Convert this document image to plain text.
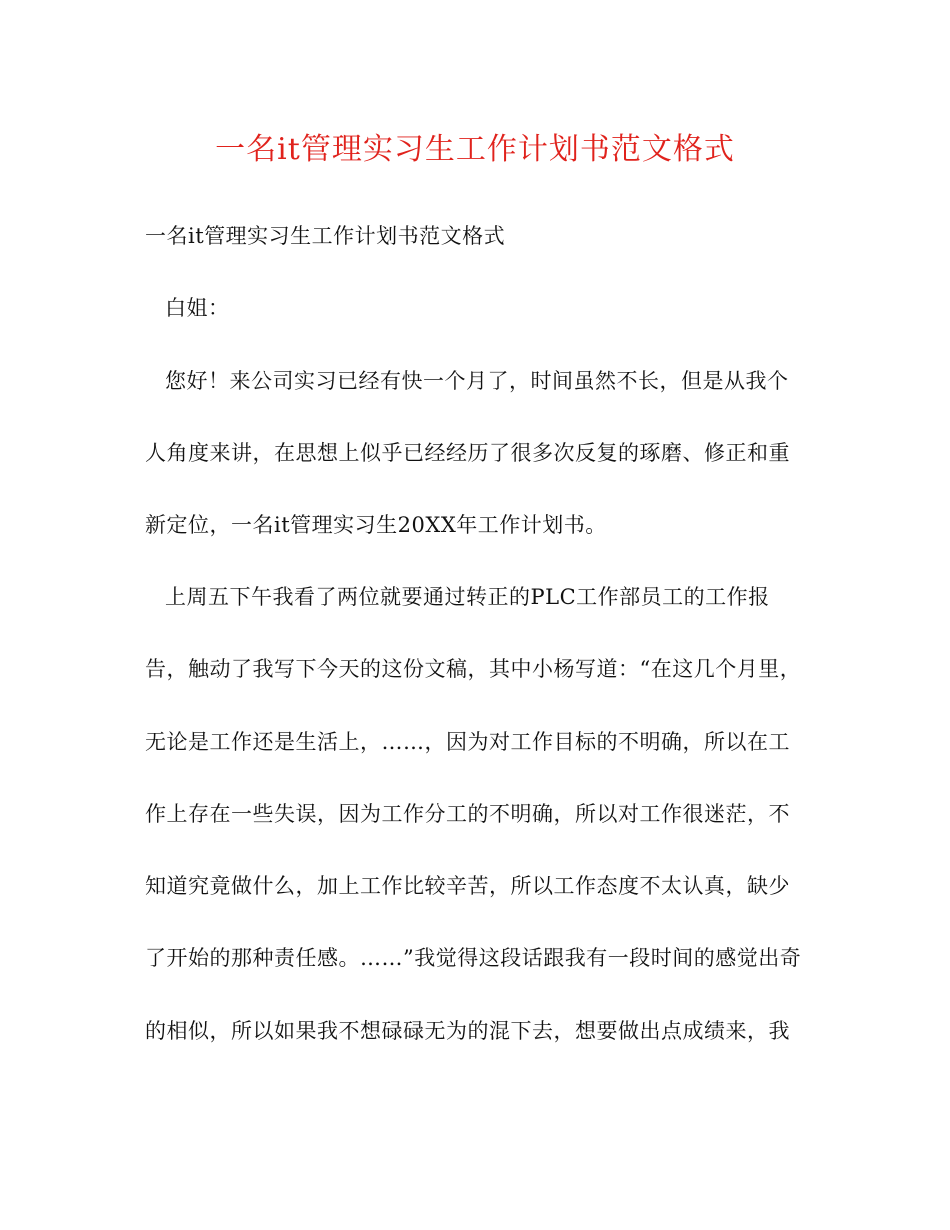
一名it管理实习生工作计划书范文格式
一名it管理实习生工作计划书范文格式
白姐：
您好！来公司实习已经有快一个月了，时间虽然不长，但是从我个
人角度来讲，在思想上似乎已经经历了很多次反复的琢磨、修正和重
新定位，一名it管理实习生20XX年工作计划书。
上周五下午我看了两位就要通过转正的PLC工作部员工的工作报
告，触动了我写下今天的这份文稿，其中小杨写道：“在这几个月里，
无论是工作还是生活上，……，因为对工作目标的不明确，所以在工
作上存在一些失误，因为工作分工的不明确，所以对工作很迷茫，不
知道究竟做什么，加上工作比较辛苦，所以工作态度不太认真，缺少
了开始的那种责任感。……”我觉得这段话跟我有一段时间的感觉出奇
的相似，所以如果我不想碌碌无为的混下去，想要做出点成绩来，我
